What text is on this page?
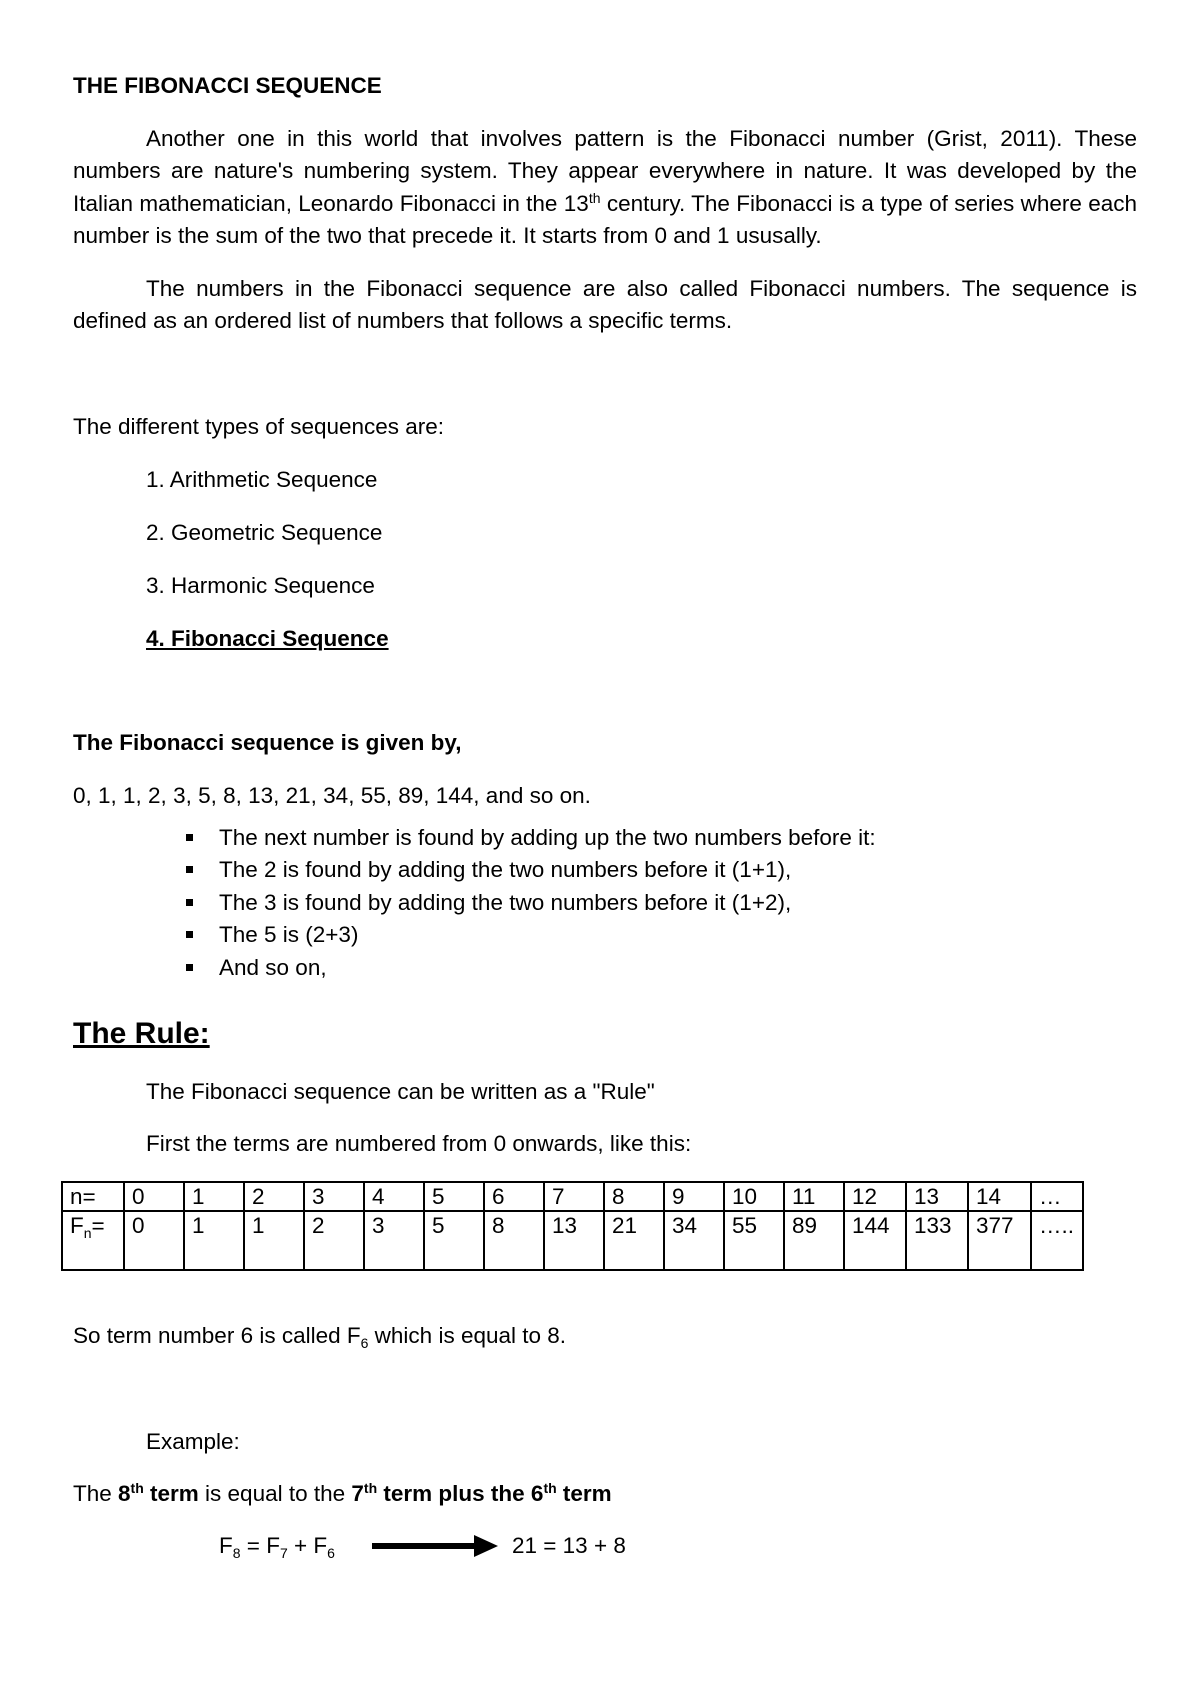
THE FIBONACCI SEQUENCE
Another one in this world that involves pattern is the Fibonacci number (Grist, 2011). These numbers are nature's numbering system. They appear everywhere in nature. It was developed by the Italian mathematician, Leonardo Fibonacci in the 13th century. The Fibonacci is a type of series where each number is the sum of the two that precede it. It starts from 0 and 1 ususally.
The numbers in the Fibonacci sequence are also called Fibonacci numbers. The sequence is defined as an ordered list of numbers that follows a specific terms.
The different types of sequences are:
1. Arithmetic Sequence
2. Geometric Sequence
3. Harmonic Sequence
4. Fibonacci Sequence
The Fibonacci sequence is given by,
0, 1, 1, 2, 3, 5, 8, 13, 21, 34, 55, 89, 144, and so on.
The next number is found by adding up the two numbers before it:
The 2 is found by adding the two numbers before it (1+1),
The 3 is found by adding the two numbers before it (1+2),
The 5 is (2+3)
And so on,
The Rule:
The Fibonacci sequence can be written as a "Rule"
First the terms are numbered from 0 onwards, like this:
n=	0	1	2	3	4	5	6	7	8	9	10	11	12	13	14	…
$F_n=$	0	1	1	2	3	5	8	13	21	34	55	89	144	133	377	…..
So term number 6 is called $F_6$ which is equal to 8.
Example:
The 8th term is equal to the 7th term plus the 6th term
$F_8 = F_7 + F_6$	21 = 13 + 8
